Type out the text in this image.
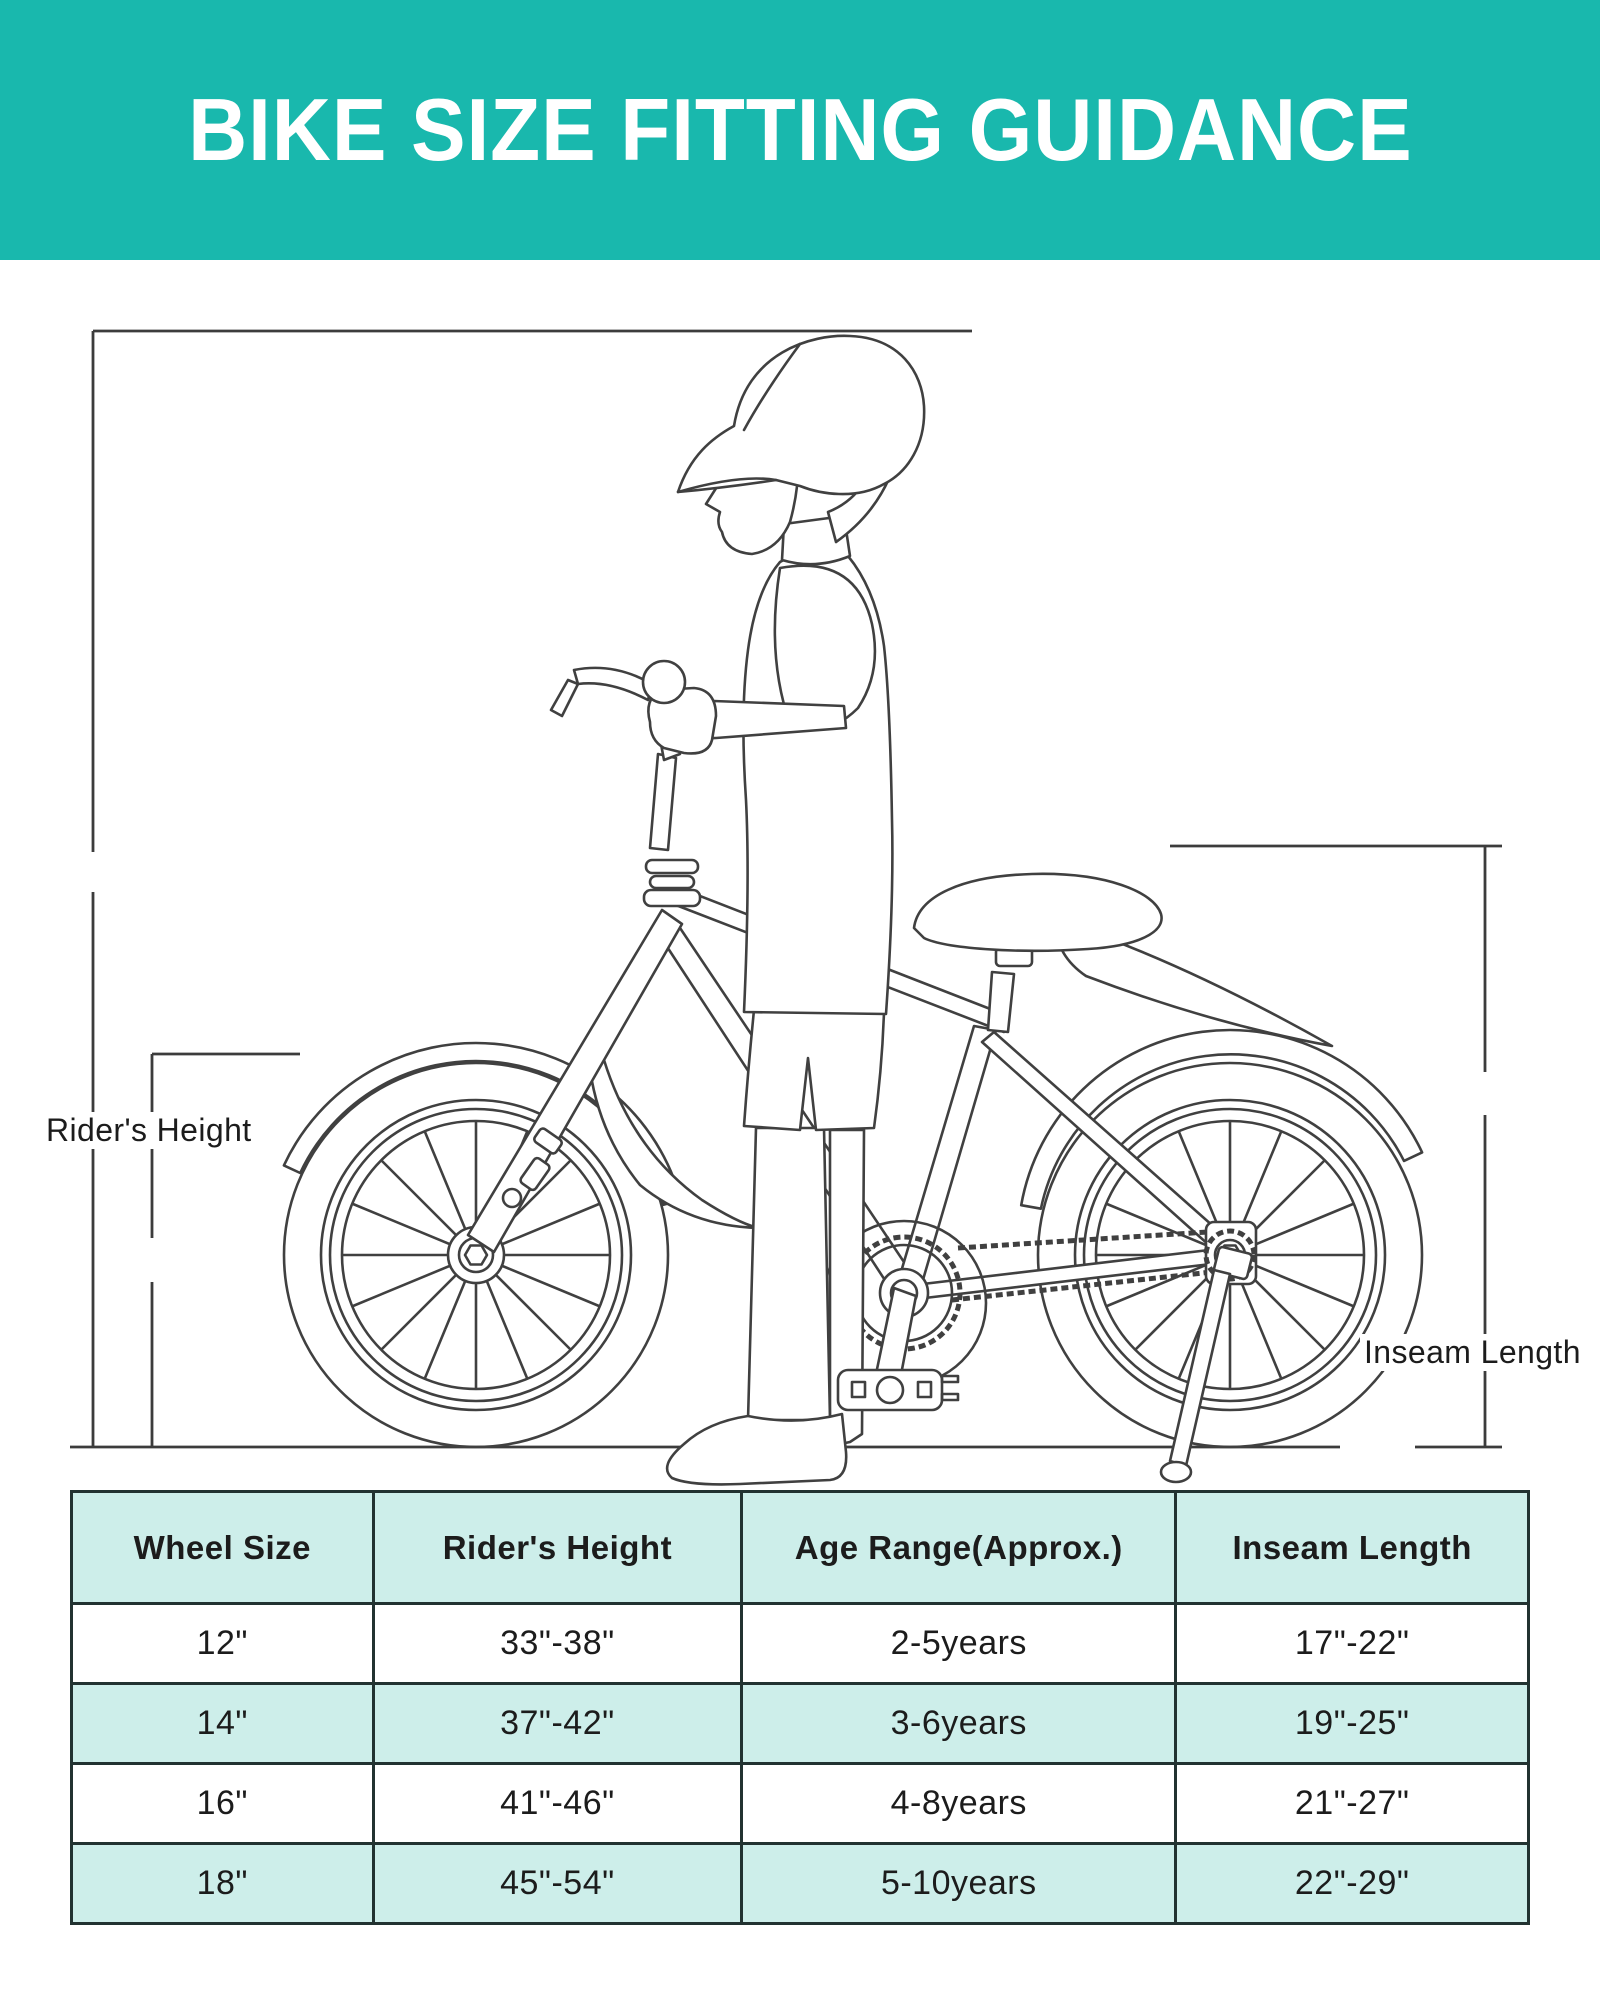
BIKE SIZE FITTING GUIDANCE
Rider's Height
Inseam Length
Wheel Size	Rider's Height	Age Range(Approx.)	Inseam Length
12"	33"-38"	2-5years	17"-22"
14"	37"-42"	3-6years	19"-25"
16"	41"-46"	4-8years	21"-27"
18"	45"-54"	5-10years	22"-29"
